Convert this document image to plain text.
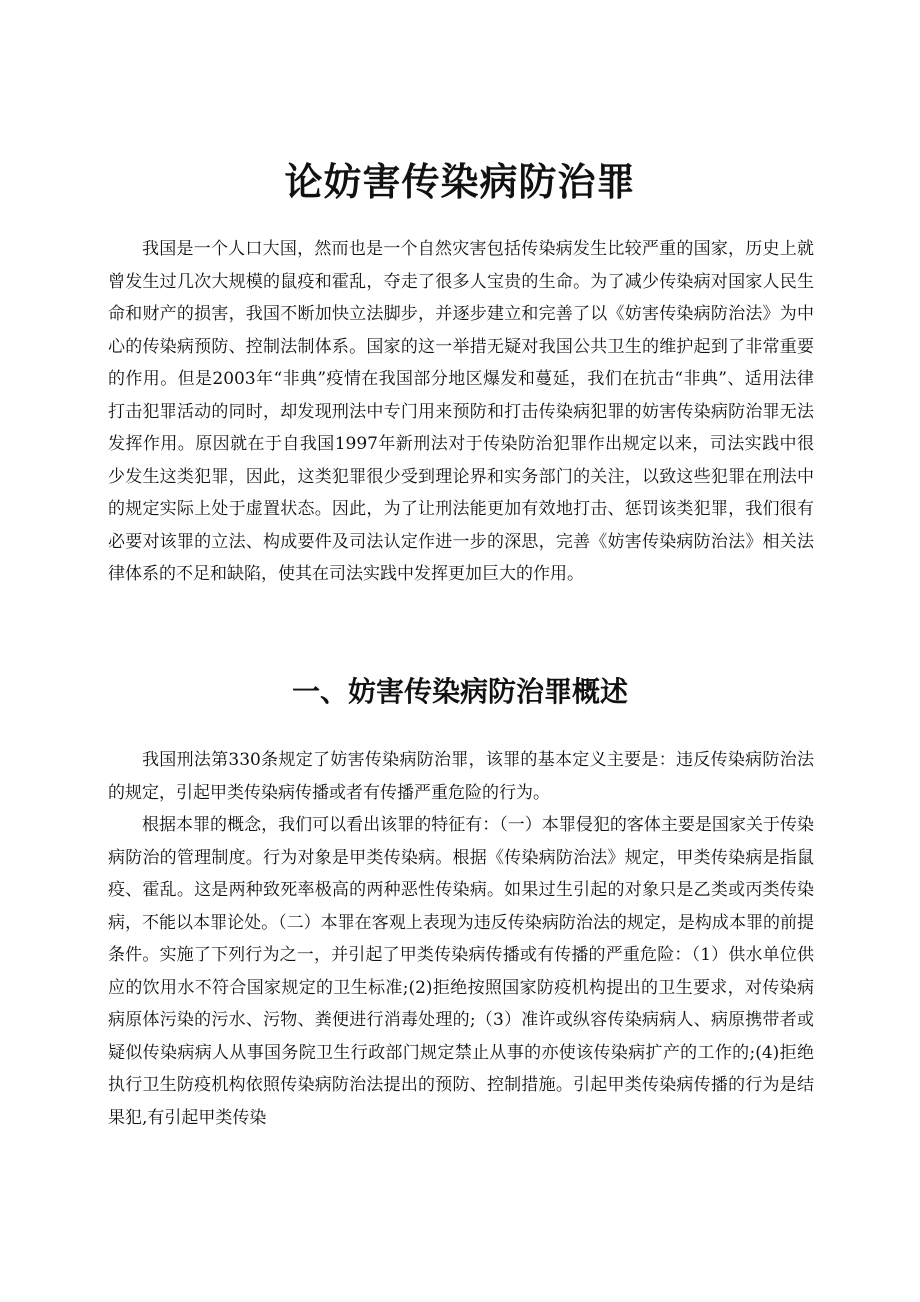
论妨害传染病防治罪

我国是一个人口大国，然而也是一个自然灾害包括传染病发生比较严重的国家，历史上就曾发生过几次大规模的鼠疫和霍乱，夺走了很多人宝贵的生命。为了减少传染病对国家人民生命和财产的损害，我国不断加快立法脚步，并逐步建立和完善了以《妨害传染病防治法》为中心的传染病预防、控制法制体系。国家的这一举措无疑对我国公共卫生的维护起到了非常重要的作用。但是2003年“非典”疫情在我国部分地区爆发和蔓延，我们在抗击“非典”、适用法律打击犯罪活动的同时，却发现刑法中专门用来预防和打击传染病犯罪的妨害传染病防治罪无法发挥作用。原因就在于自我国1997年新刑法对于传染防治犯罪作出规定以来，司法实践中很少发生这类犯罪，因此，这类犯罪很少受到理论界和实务部门的关注，以致这些犯罪在刑法中的规定实际上处于虚置状态。因此，为了让刑法能更加有效地打击、惩罚该类犯罪，我们很有必要对该罪的立法、构成要件及司法认定作进一步的深思，完善《妨害传染病防治法》相关法律体系的不足和缺陷，使其在司法实践中发挥更加巨大的作用。

一、妨害传染病防治罪概述

我国刑法第330条规定了妨害传染病防治罪，该罪的基本定义主要是：违反传染病防治法的规定，引起甲类传染病传播或者有传播严重危险的行为。

根据本罪的概念，我们可以看出该罪的特征有：（一）本罪侵犯的客体主要是国家关于传染病防治的管理制度。行为对象是甲类传染病。根据《传染病防治法》规定，甲类传染病是指鼠疫、霍乱。这是两种致死率极高的两种恶性传染病。如果过生引起的对象只是乙类或丙类传染病，不能以本罪论处。（二）本罪在客观上表现为违反传染病防治法的规定，是构成本罪的前提条件。实施了下列行为之一，并引起了甲类传染病传播或有传播的严重危险：（1）供水单位供应的饮用水不符合国家规定的卫生标准;(2)拒绝按照国家防疫机构提出的卫生要求，对传染病病原体污染的污水、污物、粪便进行消毒处理的;（3）准许或纵容传染病病人、病原携带者或疑似传染病病人从事国务院卫生行政部门规定禁止从事的亦使该传染病扩产的工作的;(4)拒绝执行卫生防疫机构依照传染病防治法提出的预防、控制措施。引起甲类传染病传播的行为是结果犯,有引起甲类传染
